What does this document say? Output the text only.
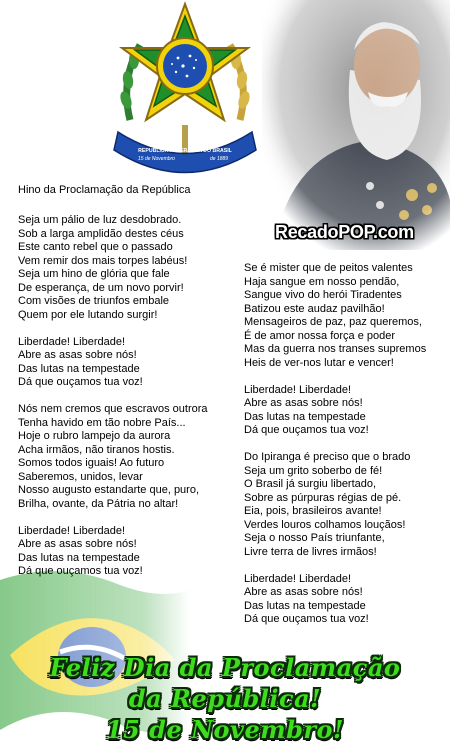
REPUBLICA FEDERATIVA DO BRASIL
15 de Novembro	de 1889
RecadoPOP.com
Hino da Proclamação da República
Seja um pálio de luz desdobrado.
Sob a larga amplidão destes céus
Este canto rebel que o passado
Vem remir dos mais torpes labéus!
Seja um hino de glória que fale
De esperança, de um novo porvir!
Com visões de triunfos embale
Quem por ele lutando surgir!
Liberdade! Liberdade!
Abre as asas sobre nós!
Das lutas na tempestade
Dá que ouçamos tua voz!
Nós nem cremos que escravos outrora
Tenha havido em tão nobre País...
Hoje o rubro lampejo da aurora
Acha irmãos, não tiranos hostis.
Somos todos iguais! Ao futuro
Saberemos, unidos, levar
Nosso augusto estandarte que, puro,
Brilha, ovante, da Pátria no altar!
Liberdade! Liberdade!
Abre as asas sobre nós!
Das lutas na tempestade
Dá que ouçamos tua voz!
Se é mister que de peitos valentes
Haja sangue em nosso pendão,
Sangue vivo do herói Tiradentes
Batizou este audaz pavilhão!
Mensageiros de paz, paz queremos,
É de amor nossa força e poder
Mas da guerra nos transes supremos
Heis de ver-nos lutar e vencer!
Liberdade! Liberdade!
Abre as asas sobre nós!
Das lutas na tempestade
Dá que ouçamos tua voz!
Do Ipiranga é preciso que o brado
Seja um grito soberbo de fé!
O Brasil já surgiu libertado,
Sobre as púrpuras régias de pé.
Eia, pois, brasileiros avante!
Verdes louros colhamos louçãos!
Seja o nosso País triunfante,
Livre terra de livres irmãos!
Liberdade! Liberdade!
Abre as asas sobre nós!
Das lutas na tempestade
Dá que ouçamos tua voz!
Feliz Dia da Proclamação
da República!
15 de Novembro!
